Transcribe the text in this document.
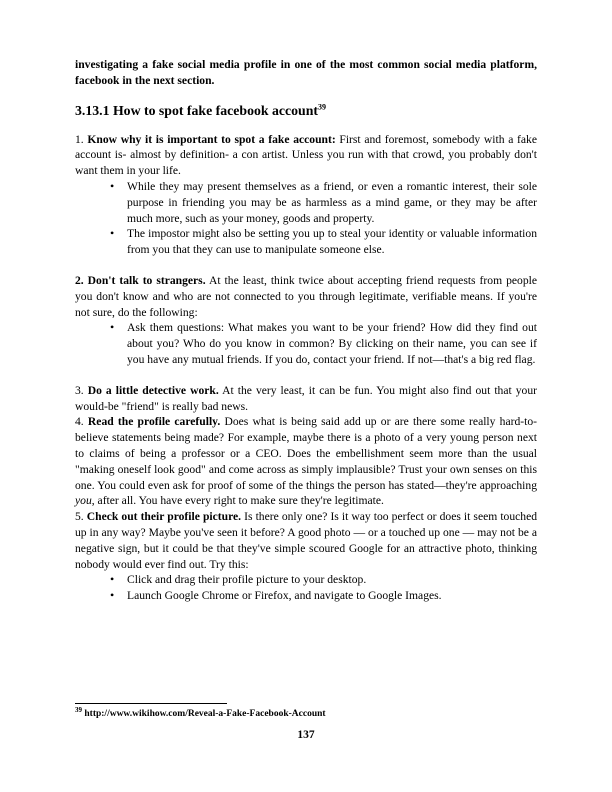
investigating a fake social media profile in one of the most common social media platform, facebook in the next section.

3.13.1 How to spot fake facebook account$^{39}$

1. Know why it is important to spot a fake account: First and foremost, somebody with a fake account is- almost by definition- a con artist. Unless you run with that crowd, you probably don't want them in your life.

• While they may present themselves as a friend, or even a romantic interest, their sole purpose in friending you may be as harmless as a mind game, or they may be after much more, such as your money, goods and property.
• The impostor might also be setting you up to steal your identity or valuable information from you that they can use to manipulate someone else.

2. Don't talk to strangers. At the least, think twice about accepting friend requests from people you don't know and who are not connected to you through legitimate, verifiable means. If you're not sure, do the following:

• Ask them questions: What makes you want to be your friend? How did they find out about you? Who do you know in common? By clicking on their name, you can see if you have any mutual friends. If you do, contact your friend. If not—that's a big red flag.

3. Do a little detective work. At the very least, it can be fun. You might also find out that your would-be "friend" is really bad news.

4. Read the profile carefully. Does what is being said add up or are there some really hard-to-believe statements being made? For example, maybe there is a photo of a very young person next to claims of being a professor or a CEO. Does the embellishment seem more than the usual "making oneself look good" and come across as simply implausible? Trust your own senses on this one. You could even ask for proof of some of the things the person has stated—they're approaching you, after all. You have every right to make sure they're legitimate.

5. Check out their profile picture. Is there only one? Is it way too perfect or does it seem touched up in any way? Maybe you've seen it before? A good photo — or a touched up one — may not be a negative sign, but it could be that they've simple scoured Google for an attractive photo, thinking nobody would ever find out. Try this:

• Click and drag their profile picture to your desktop.
• Launch Google Chrome or Firefox, and navigate to Google Images.
$^{39}$ http://www.wikihow.com/Reveal-a-Fake-Facebook-Account
137
